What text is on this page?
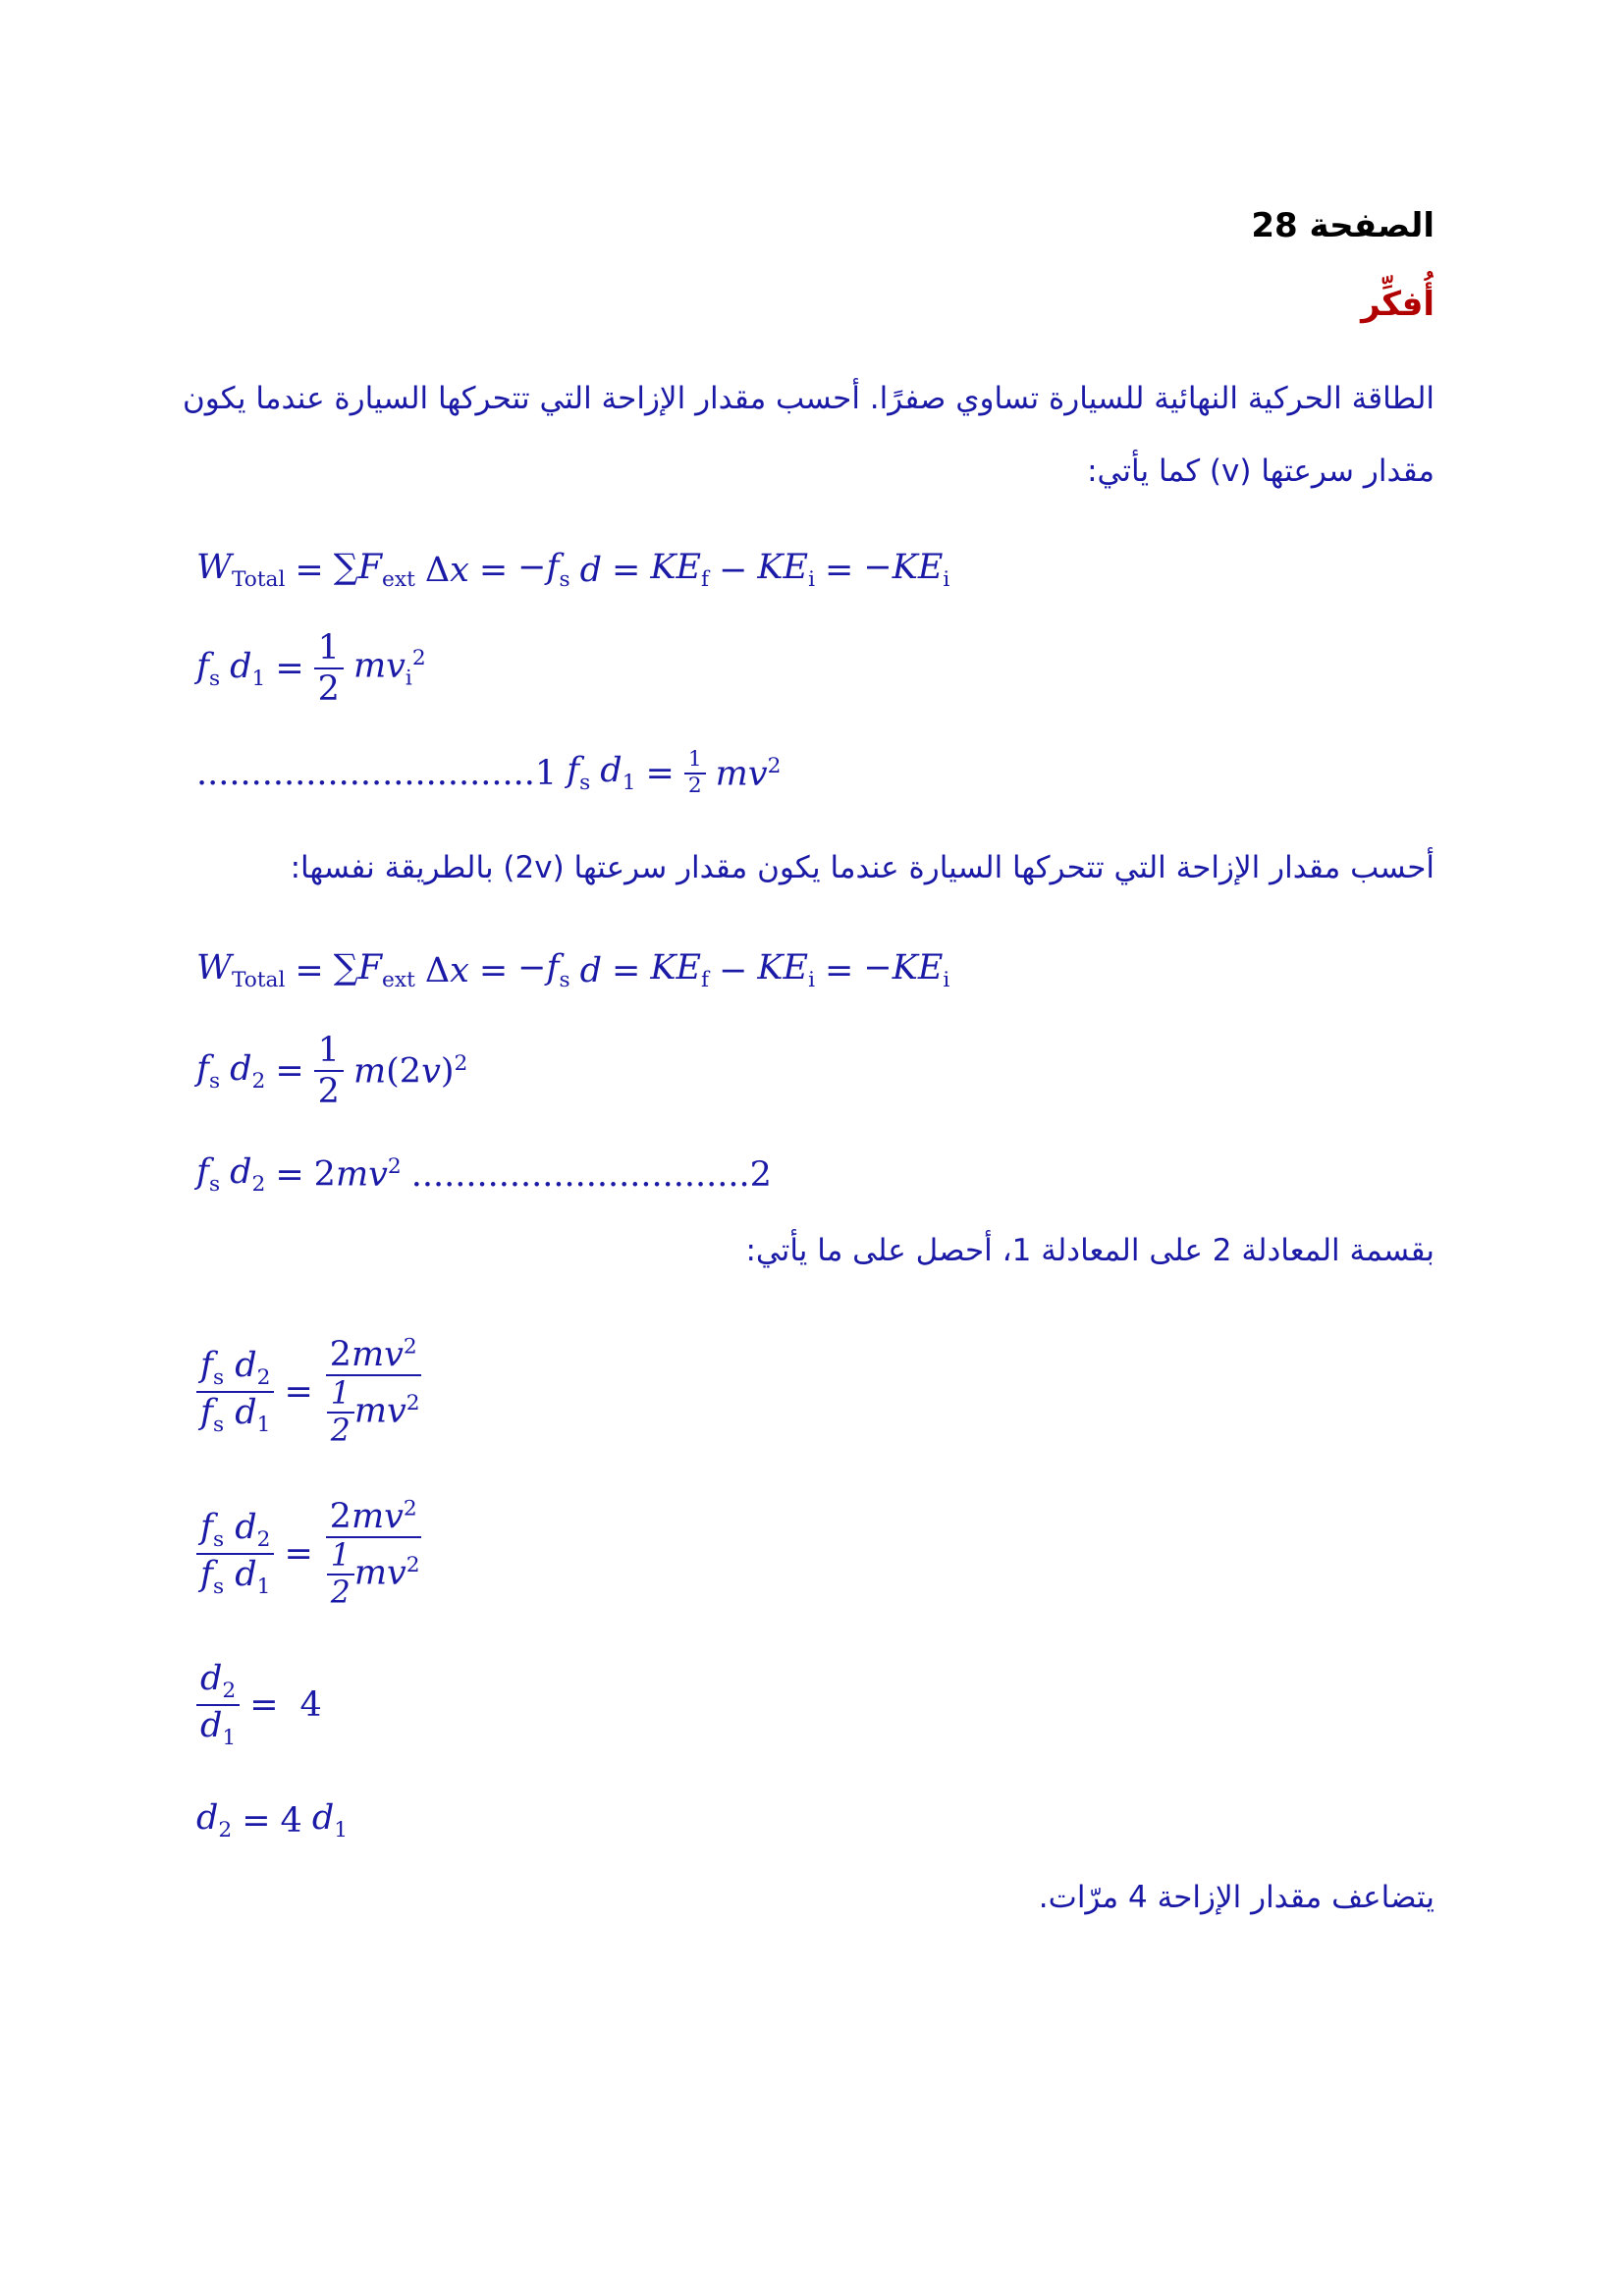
الصفحة 28
أُفكِّر
الطاقة الحركية النهائية للسيارة تساوي صفرًا. أحسب مقدار الإزاحة التي تتحركها السيارة عندما يكون
مقدار سرعتها (v) كما يأتي:
$W_{Total} = \sum F_{ext}$ $\Delta x = -f_s$ $d = KE_f - KE_i = -KE_i$
$f_s$ $d_1 = \frac{1}{2} mv_i^2$
...............................1 $f_s$ $d_1 = \frac{1}{2} mv^2$
أحسب مقدار الإزاحة التي تتحركها السيارة عندما يكون مقدار سرعتها (2v) بالطريقة نفسها:
$W_{Total} = \sum F_{ext}$ $\Delta x = -f_s$ $d = KE_f - KE_i = -KE_i$
$f_s$ $d_2 = \frac{1}{2} m(2v)^2$
$f_s$ $d_2 = 2mv^2$ ...............................2
بقسمة المعادلة 2 على المعادلة 1، أحصل على ما يأتي:
$\frac{f_s d_2}{f_s d_1} = \frac{2mv^2}{\frac{1}{2} mv^2}$
$\frac{f_s d_2}{f_s d_1} = \frac{2mv^2}{\frac{1}{2} mv^2}$
$\frac{d_2}{d_1} = 4$
$d_2 = 4$ $d_1$
يتضاعف مقدار الإزاحة 4 مرّات.
